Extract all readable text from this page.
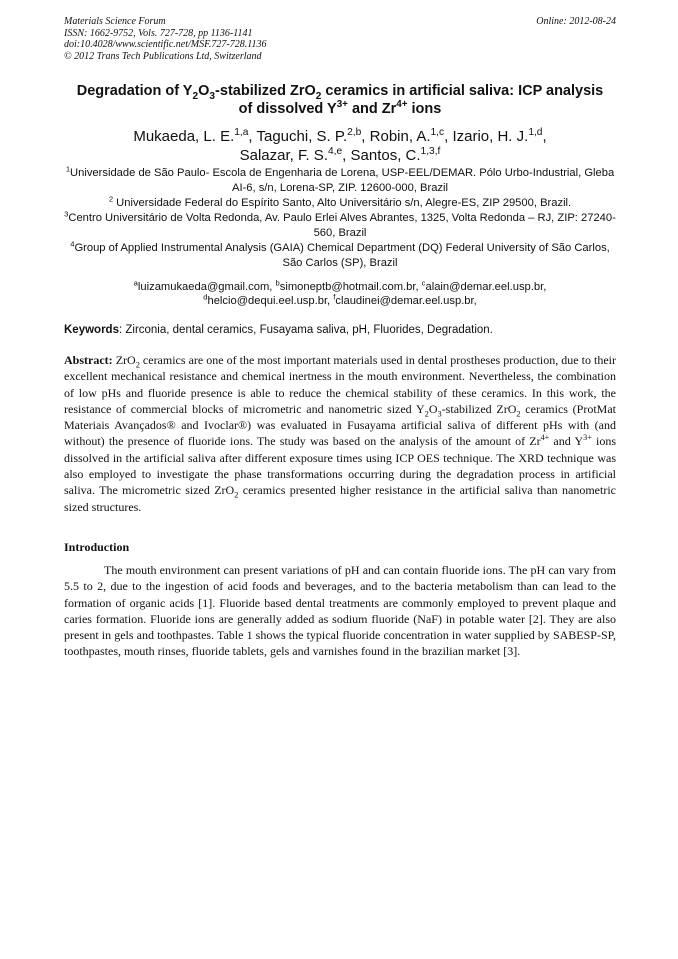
Materials Science Forum
ISSN: 1662-9752, Vols. 727-728, pp 1136-1141
doi:10.4028/www.scientific.net/MSF.727-728.1136
© 2012 Trans Tech Publications Ltd, Switzerland
Online: 2012-08-24
Degradation of $Y_2O_3$-stabilized ZrO$_2$ ceramics in artificial saliva: ICP analysis of dissolved $Y^{3+}$ and $Zr^{4+}$ ions
Mukaeda, L. E.$^{1,a}$, Taguchi, S. P.$^{2,b}$, Robin, A.$^{1,c}$, Izario, H. J.$^{1,d}$,
Salazar, F. S.$^{4,e}$, Santos, C.$^{1,3,f}$

$^1$Universidade de São Paulo- Escola de Engenharia de Lorena, USP-EEL/DEMAR. Pólo Urbo-Industrial, Gleba AI-6, s/n, Lorena-SP, ZIP. 12600-000, Brazil

$^2$ Universidade Federal do Espírito Santo, Alto Universitário s/n, Alegre-ES, ZIP 29500, Brazil.

$^3$Centro Universitário de Volta Redonda, Av. Paulo Erlei Alves Abrantes, 1325, Volta Redonda – RJ, ZIP: 27240-560, Brazil

$^4$Group of Applied Instrumental Analysis (GAIA) Chemical Department (DQ) Federal University of São Carlos, São Carlos (SP), Brazil

$^a$luizamukaeda@gmail.com, $^b$simoneptb@hotmail.com.br, $^c$alain@demar.eel.usp.br,

$^d$helcio@dequi.eel.usp.br, $^f$claudinei@demar.eel.usp.br,

Keywords: Zirconia, dental ceramics, Fusayama saliva, pH, Fluorides, Degradation.

Abstract: ZrO$_2$ ceramics are one of the most important materials used in dental prostheses production, due to their excellent mechanical resistance and chemical inertness in the mouth environment. Nevertheless, the combination of low pHs and fluoride presence is able to reduce the chemical stability of these ceramics. In this work, the resistance of commercial blocks of micrometric and nanometric sized $Y_2O_3$-stabilized ZrO$_2$ ceramics (ProtMat Materiais Avançados® and Ivoclar®) was evaluated in Fusayama artificial saliva of different pHs with (and without) the presence of fluoride ions. The study was based on the analysis of the amount of $Zr^{4+}$ and $Y^{3+}$ ions dissolved in the artificial saliva after different exposure times using ICP OES technique. The XRD technique was also employed to investigate the phase transformations occurring during the degradation process in artificial saliva. The micrometric sized ZrO$_2$ ceramics presented higher resistance in the artificial saliva than nanometric sized structures.

Introduction

The mouth environment can present variations of pH and can contain fluoride ions. The pH can vary from 5.5 to 2, due to the ingestion of acid foods and beverages, and to the bacteria metabolism than can lead to the formation of organic acids [1]. Fluoride based dental treatments are commonly employed to prevent plaque and caries formation. Fluoride ions are generally added as sodium fluoride (NaF) in potable water [2]. They are also present in gels and toothpastes. Table 1 shows the typical fluoride concentration in water supplied by SABESP-SP, toothpastes, mouth rinses, fluoride tablets, gels and varnishes found in the brazilian market [3].
